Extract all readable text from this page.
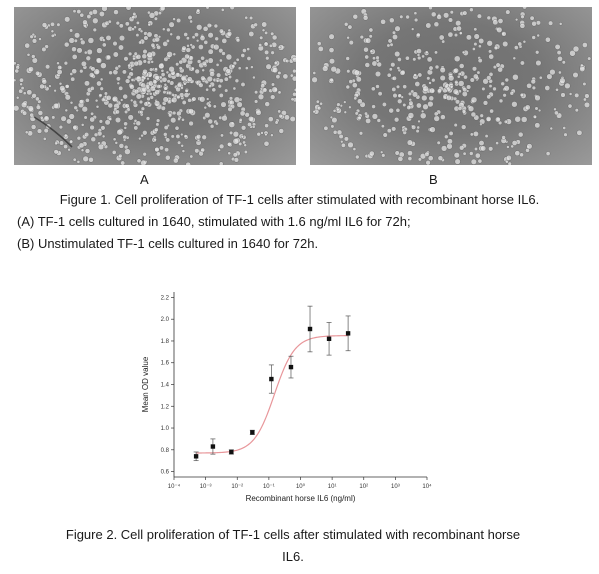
A	B
Figure 1. Cell proliferation of TF-1 cells after stimulated with recombinant horse IL6.
(A) TF-1 cells cultured in 1640, stimulated with 1.6 ng/ml IL6 for 72h;
(B) Unstimulated TF-1 cells cultured in 1640 for 72h.
0.6
0.8
1.0
1.2
1.4
1.6
1.8
2.0
2.2
10⁻⁴	10⁻³	10⁻²	10⁻¹	10⁰	10¹	10²	10³	10⁴
Recombinant horse IL6 (ng/ml)
Mean OD value
Figure 2. Cell proliferation of TF-1 cells after stimulated with recombinant horse
IL6.
